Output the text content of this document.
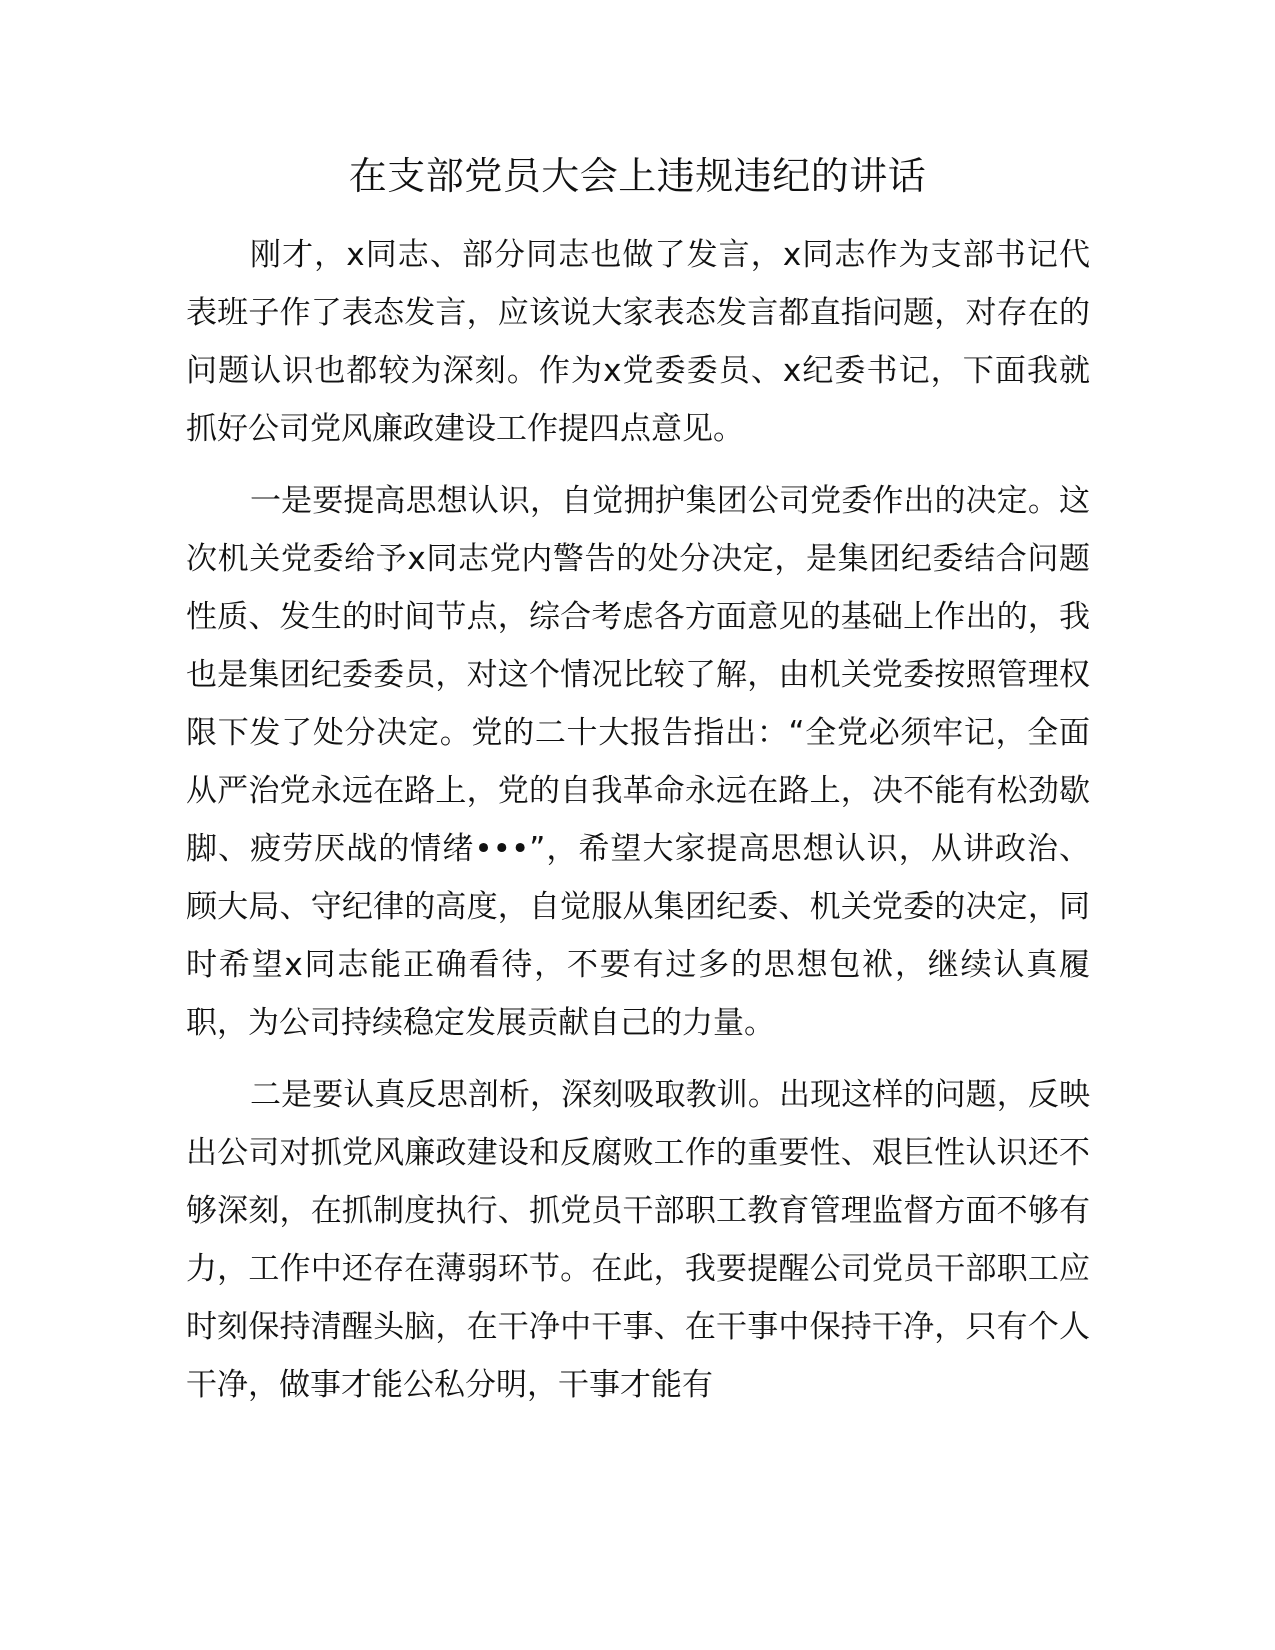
在支部党员大会上违规违纪的讲话

刚才，x同志、部分同志也做了发言，x同志作为支部书记代表班子作了表态发言，应该说大家表态发言都直指问题，对存在的问题认识也都较为深刻。作为x党委委员、x纪委书记，下面我就抓好公司党风廉政建设工作提四点意见。

一是要提高思想认识，自觉拥护集团公司党委作出的决定。这次机关党委给予x同志党内警告的处分决定，是集团纪委结合问题性质、发生的时间节点，综合考虑各方面意见的基础上作出的，我也是集团纪委委员，对这个情况比较了解，由机关党委按照管理权限下发了处分决定。党的二十大报告指出：“全党必须牢记，全面从严治党永远在路上，党的自我革命永远在路上，决不能有松劲歇脚、疲劳厌战的情绪•••”，希望大家提高思想认识，从讲政治、顾大局、守纪律的高度，自觉服从集团纪委、机关党委的决定，同时希望x同志能正确看待，不要有过多的思想包袱，继续认真履职，为公司持续稳定发展贡献自己的力量。

二是要认真反思剖析，深刻吸取教训。出现这样的问题，反映出公司对抓党风廉政建设和反腐败工作的重要性、艰巨性认识还不够深刻，在抓制度执行、抓党员干部职工教育管理监督方面不够有力，工作中还存在薄弱环节。在此，我要提醒公司党员干部职工应时刻保持清醒头脑，在干净中干事、在干事中保持干净，只有个人干净，做事才能公私分明，干事才能有
